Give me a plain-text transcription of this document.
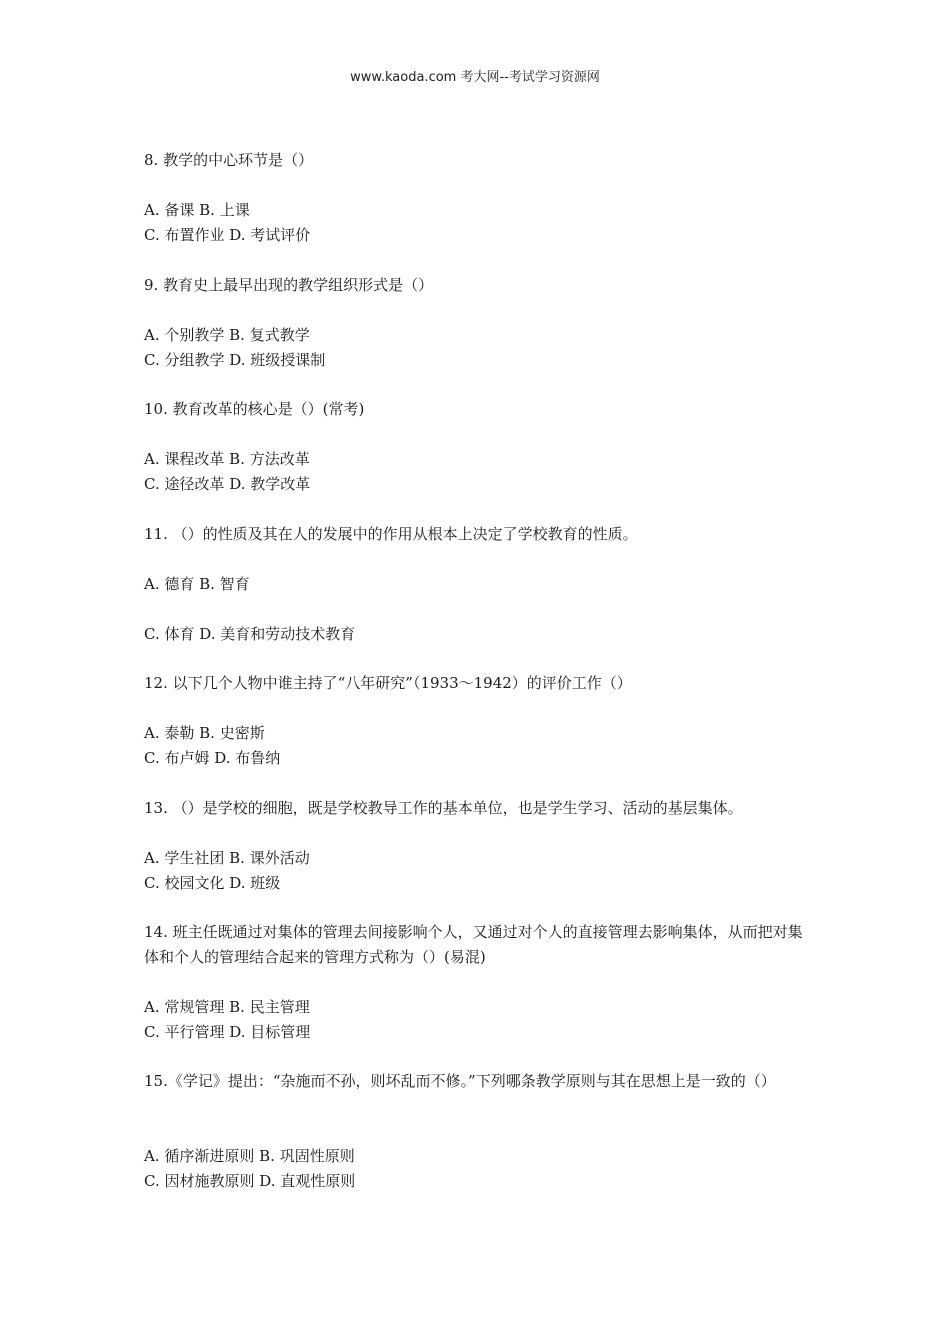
www.kaoda.com 考大网--考试学习资源网
8. 教学的中心环节是（）
A. 备课 B. 上课
C. 布置作业 D. 考试评价
9. 教育史上最早出现的教学组织形式是（）
A. 个别教学 B. 复式教学
C. 分组教学 D. 班级授课制
10. 教育改革的核心是（）(常考)
A. 课程改革 B. 方法改革
C. 途径改革 D. 教学改革
11. （）的性质及其在人的发展中的作用从根本上决定了学校教育的性质。
A. 德育 B. 智育
C. 体育 D. 美育和劳动技术教育
12. 以下几个人物中谁主持了“八年研究”（1933～1942）的评价工作（）
A. 泰勒 B. 史密斯
C. 布卢姆 D. 布鲁纳
13. （）是学校的细胞，既是学校教导工作的基本单位，也是学生学习、活动的基层集体。
A. 学生社团 B. 课外活动
C. 校园文化 D. 班级
14. 班主任既通过对集体的管理去间接影响个人，又通过对个人的直接管理去影响集体，从而把对集体和个人的管理结合起来的管理方式称为（）(易混)
A. 常规管理 B. 民主管理
C. 平行管理 D. 目标管理
15.《学记》提出：“杂施而不孙，则坏乱而不修。”下列哪条教学原则与其在思想上是一致的（）
A. 循序渐进原则 B. 巩固性原则
C. 因材施教原则 D. 直观性原则
